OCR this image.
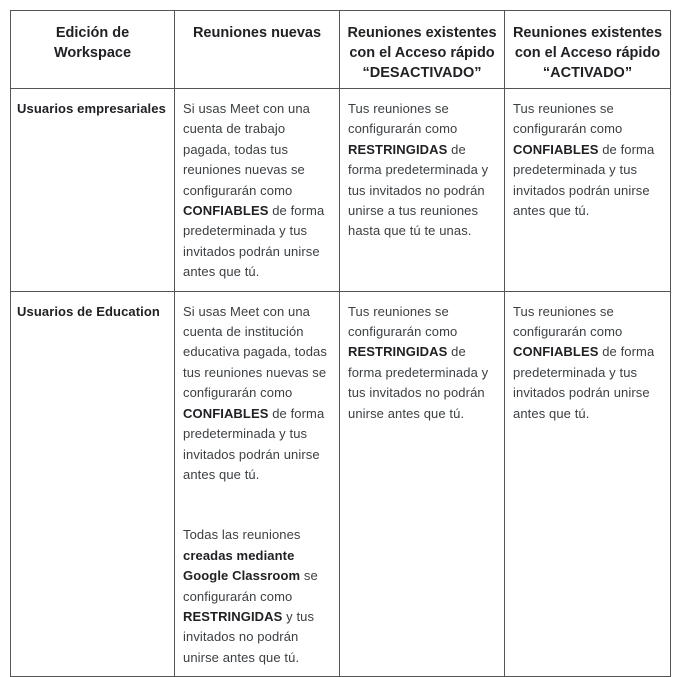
Edición de Workspace	Reuniones nuevas	Reuniones existentes con el Acceso rápido “DESACTIVADO”	Reuniones existentes con el Acceso rápido “ACTIVADO”

Usuarios empresariales	Si usas Meet con una cuenta de trabajo pagada, todas tus reuniones nuevas se configurarán como CONFIABLES de forma predeterminada y tus invitados podrán unirse antes que tú.	Tus reuniones se configurarán como RESTRINGIDAS de forma predeterminada y tus invitados no podrán unirse a tus reuniones hasta que tú te unas.	Tus reuniones se configurarán como CONFIABLES de forma predeterminada y tus invitados podrán unirse antes que tú.

Usuarios de Education	Si usas Meet con una cuenta de institución educativa pagada, todas tus reuniones nuevas se configurarán como CONFIABLES de forma predeterminada y tus invitados podrán unirse antes que tú.
Todas las reuniones creadas mediante Google Classroom se configurarán como RESTRINGIDAS y tus invitados no podrán unirse antes que tú.	Tus reuniones se configurarán como RESTRINGIDAS de forma predeterminada y tus invitados no podrán unirse antes que tú.	Tus reuniones se configurarán como CONFIABLES de forma predeterminada y tus invitados podrán unirse antes que tú.
